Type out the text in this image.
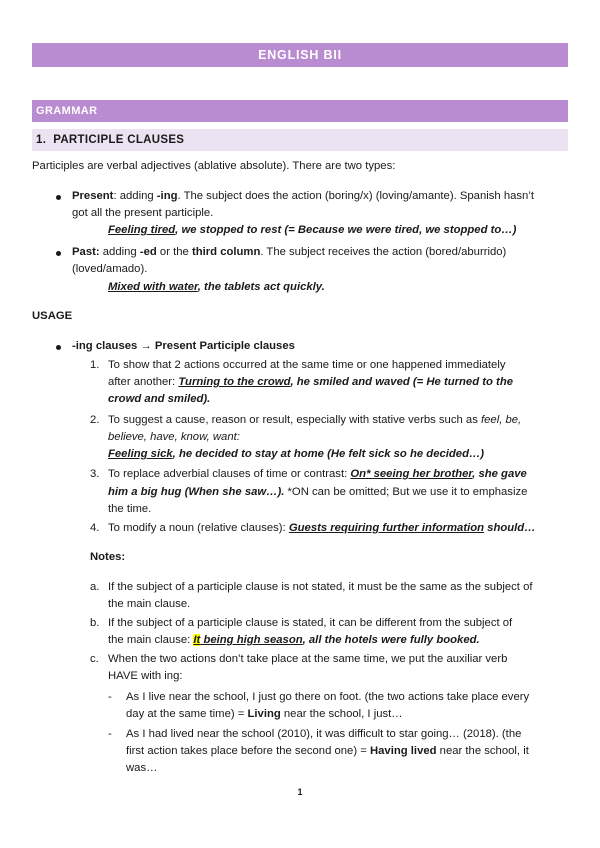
ENGLISH BII
GRAMMAR
1.
PARTICIPLE CLAUSES
Participles are verbal adjectives (ablative absolute). There are two types:
Present: adding -ing. The subject does the action (boring/x) (loving/amante). Spanish hasn’t
got all the present participle.
Feeling tired, we stopped to rest (= Because we were tired, we stopped to…)
Past: adding -ed or the third column. The subject receives the action (bored/aburrido)
(loved/amado).
Mixed with water, the tablets act quickly.
USAGE
-ing clauses → Present Participle clauses
1. To show that 2 actions occurred at the same time or one happened immediately
after another: Turning to the crowd, he smiled and waved (= He turned to the
crowd and smiled).
2. To suggest a cause, reason or result, especially with stative verbs such as feel, be,
believe, have, know, want:
Feeling sick, he decided to stay at home (He felt sick so he decided…)
3. To replace adverbial clauses of time or contrast: On* seeing her brother, she gave
him a big hug (When she saw…). *ON can be omitted; But we use it to emphasize
the time.
4. To modify a noun (relative clauses): Guests requiring further information should…
Notes:
a. If the subject of a participle clause is not stated, it must be the same as the subject of
the main clause.
b. If the subject of a participle clause is stated, it can be different from the subject of
the main clause: It being high season, all the hotels were fully booked.
c. When the two actions don’t take place at the same time, we put the auxiliar verb
HAVE with ing:
- As I live near the school, I just go there on foot. (the two actions take place every
day at the same time) = Living near the school, I just…
- As I had lived near the school (2010), it was difficult to star going… (2018). (the
first action takes place before the second one) = Having lived near the school, it
was…
1
